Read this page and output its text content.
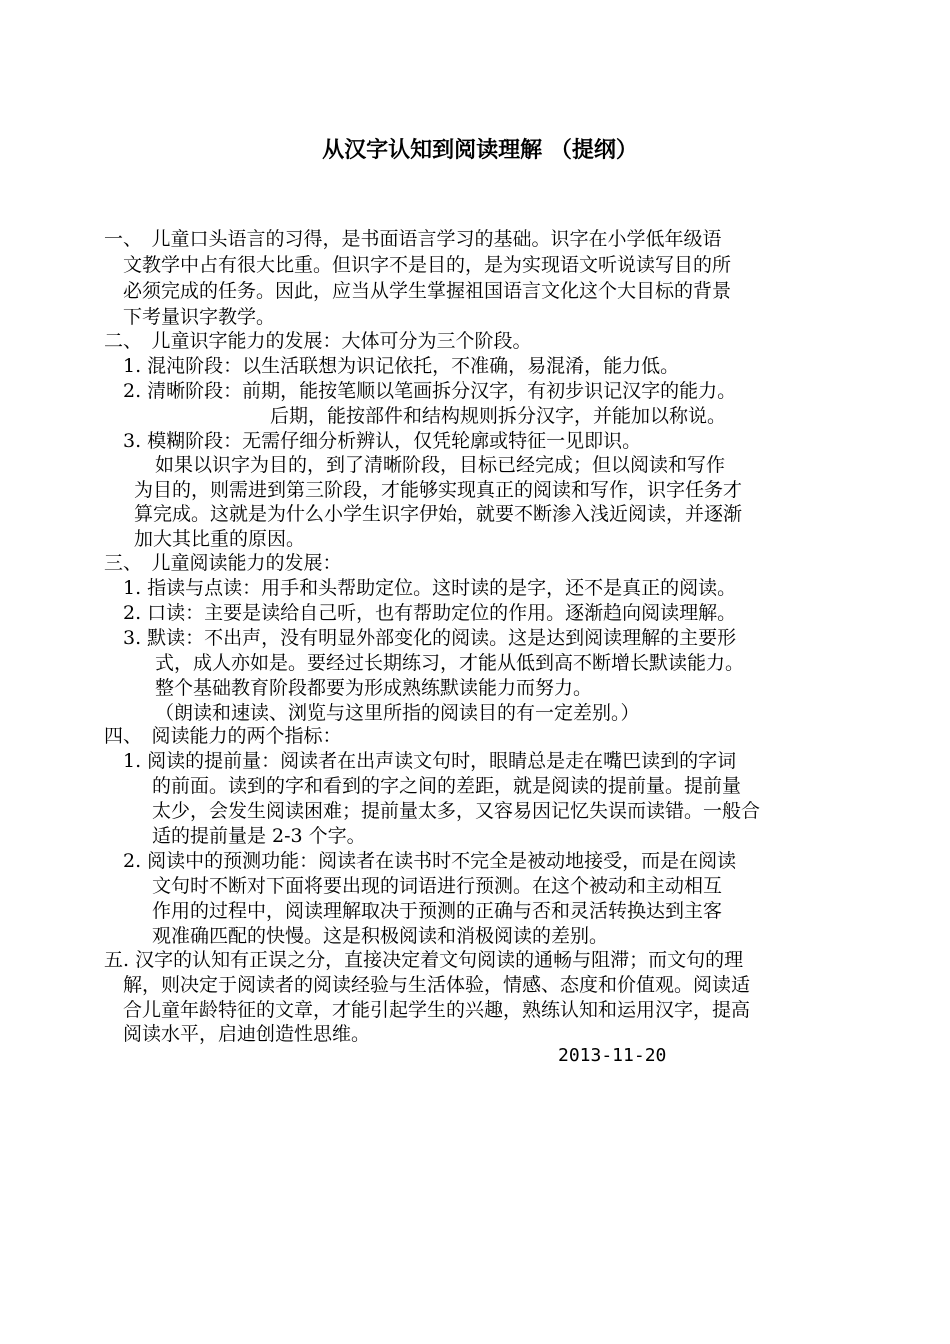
从汉字认知到阅读理解 （提纲）
一、　儿童口头语言的习得，是书面语言学习的基础。识字在小学低年级语
文教学中占有很大比重。但识字不是目的，是为实现语文听说读写目的所
必须完成的任务。因此，应当从学生掌握祖国语言文化这个大目标的背景
下考量识字教学。
二、　儿童识字能力的发展：大体可分为三个阶段。
1. 混沌阶段：以生活联想为识记依托，不准确，易混淆，能力低。
2. 清晰阶段：前期，能按笔顺以笔画拆分汉字，有初步识记汉字的能力。
后期，能按部件和结构规则拆分汉字，并能加以称说。
3. 模糊阶段：无需仔细分析辨认，仅凭轮廓或特征一见即识。
如果以识字为目的，到了清晰阶段，目标已经完成；但以阅读和写作
为目的，则需进到第三阶段，才能够实现真正的阅读和写作，识字任务才
算完成。这就是为什么小学生识字伊始，就要不断渗入浅近阅读，并逐渐
加大其比重的原因。
三、　儿童阅读能力的发展：
1. 指读与点读：用手和头帮助定位。这时读的是字，还不是真正的阅读。
2. 口读：主要是读给自己听，也有帮助定位的作用。逐渐趋向阅读理解。
3. 默读：不出声，没有明显外部变化的阅读。这是达到阅读理解的主要形
式，成人亦如是。要经过长期练习，才能从低到高不断增长默读能力。
整个基础教育阶段都要为形成熟练默读能力而努力。
（朗读和速读、浏览与这里所指的阅读目的有一定差别。）
四、　阅读能力的两个指标：
1. 阅读的提前量：阅读者在出声读文句时，眼睛总是走在嘴巴读到的字词
的前面。读到的字和看到的字之间的差距，就是阅读的提前量。提前量
太少，会发生阅读困难；提前量太多，又容易因记忆失误而读错。一般合
适的提前量是 2-3 个字。
2. 阅读中的预测功能：阅读者在读书时不完全是被动地接受，而是在阅读
文句时不断对下面将要出现的词语进行预测。在这个被动和主动相互
作用的过程中，阅读理解取决于预测的正确与否和灵活转换达到主客
观准确匹配的快慢。这是积极阅读和消极阅读的差别。
五. 汉字的认知有正误之分，直接决定着文句阅读的通畅与阻滞；而文句的理
解，则决定于阅读者的阅读经验与生活体验，情感、态度和价值观。阅读适
合儿童年龄特征的文章，才能引起学生的兴趣，熟练认知和运用汉字，提高
阅读水平，启迪创造性思维。
2013-11-20
